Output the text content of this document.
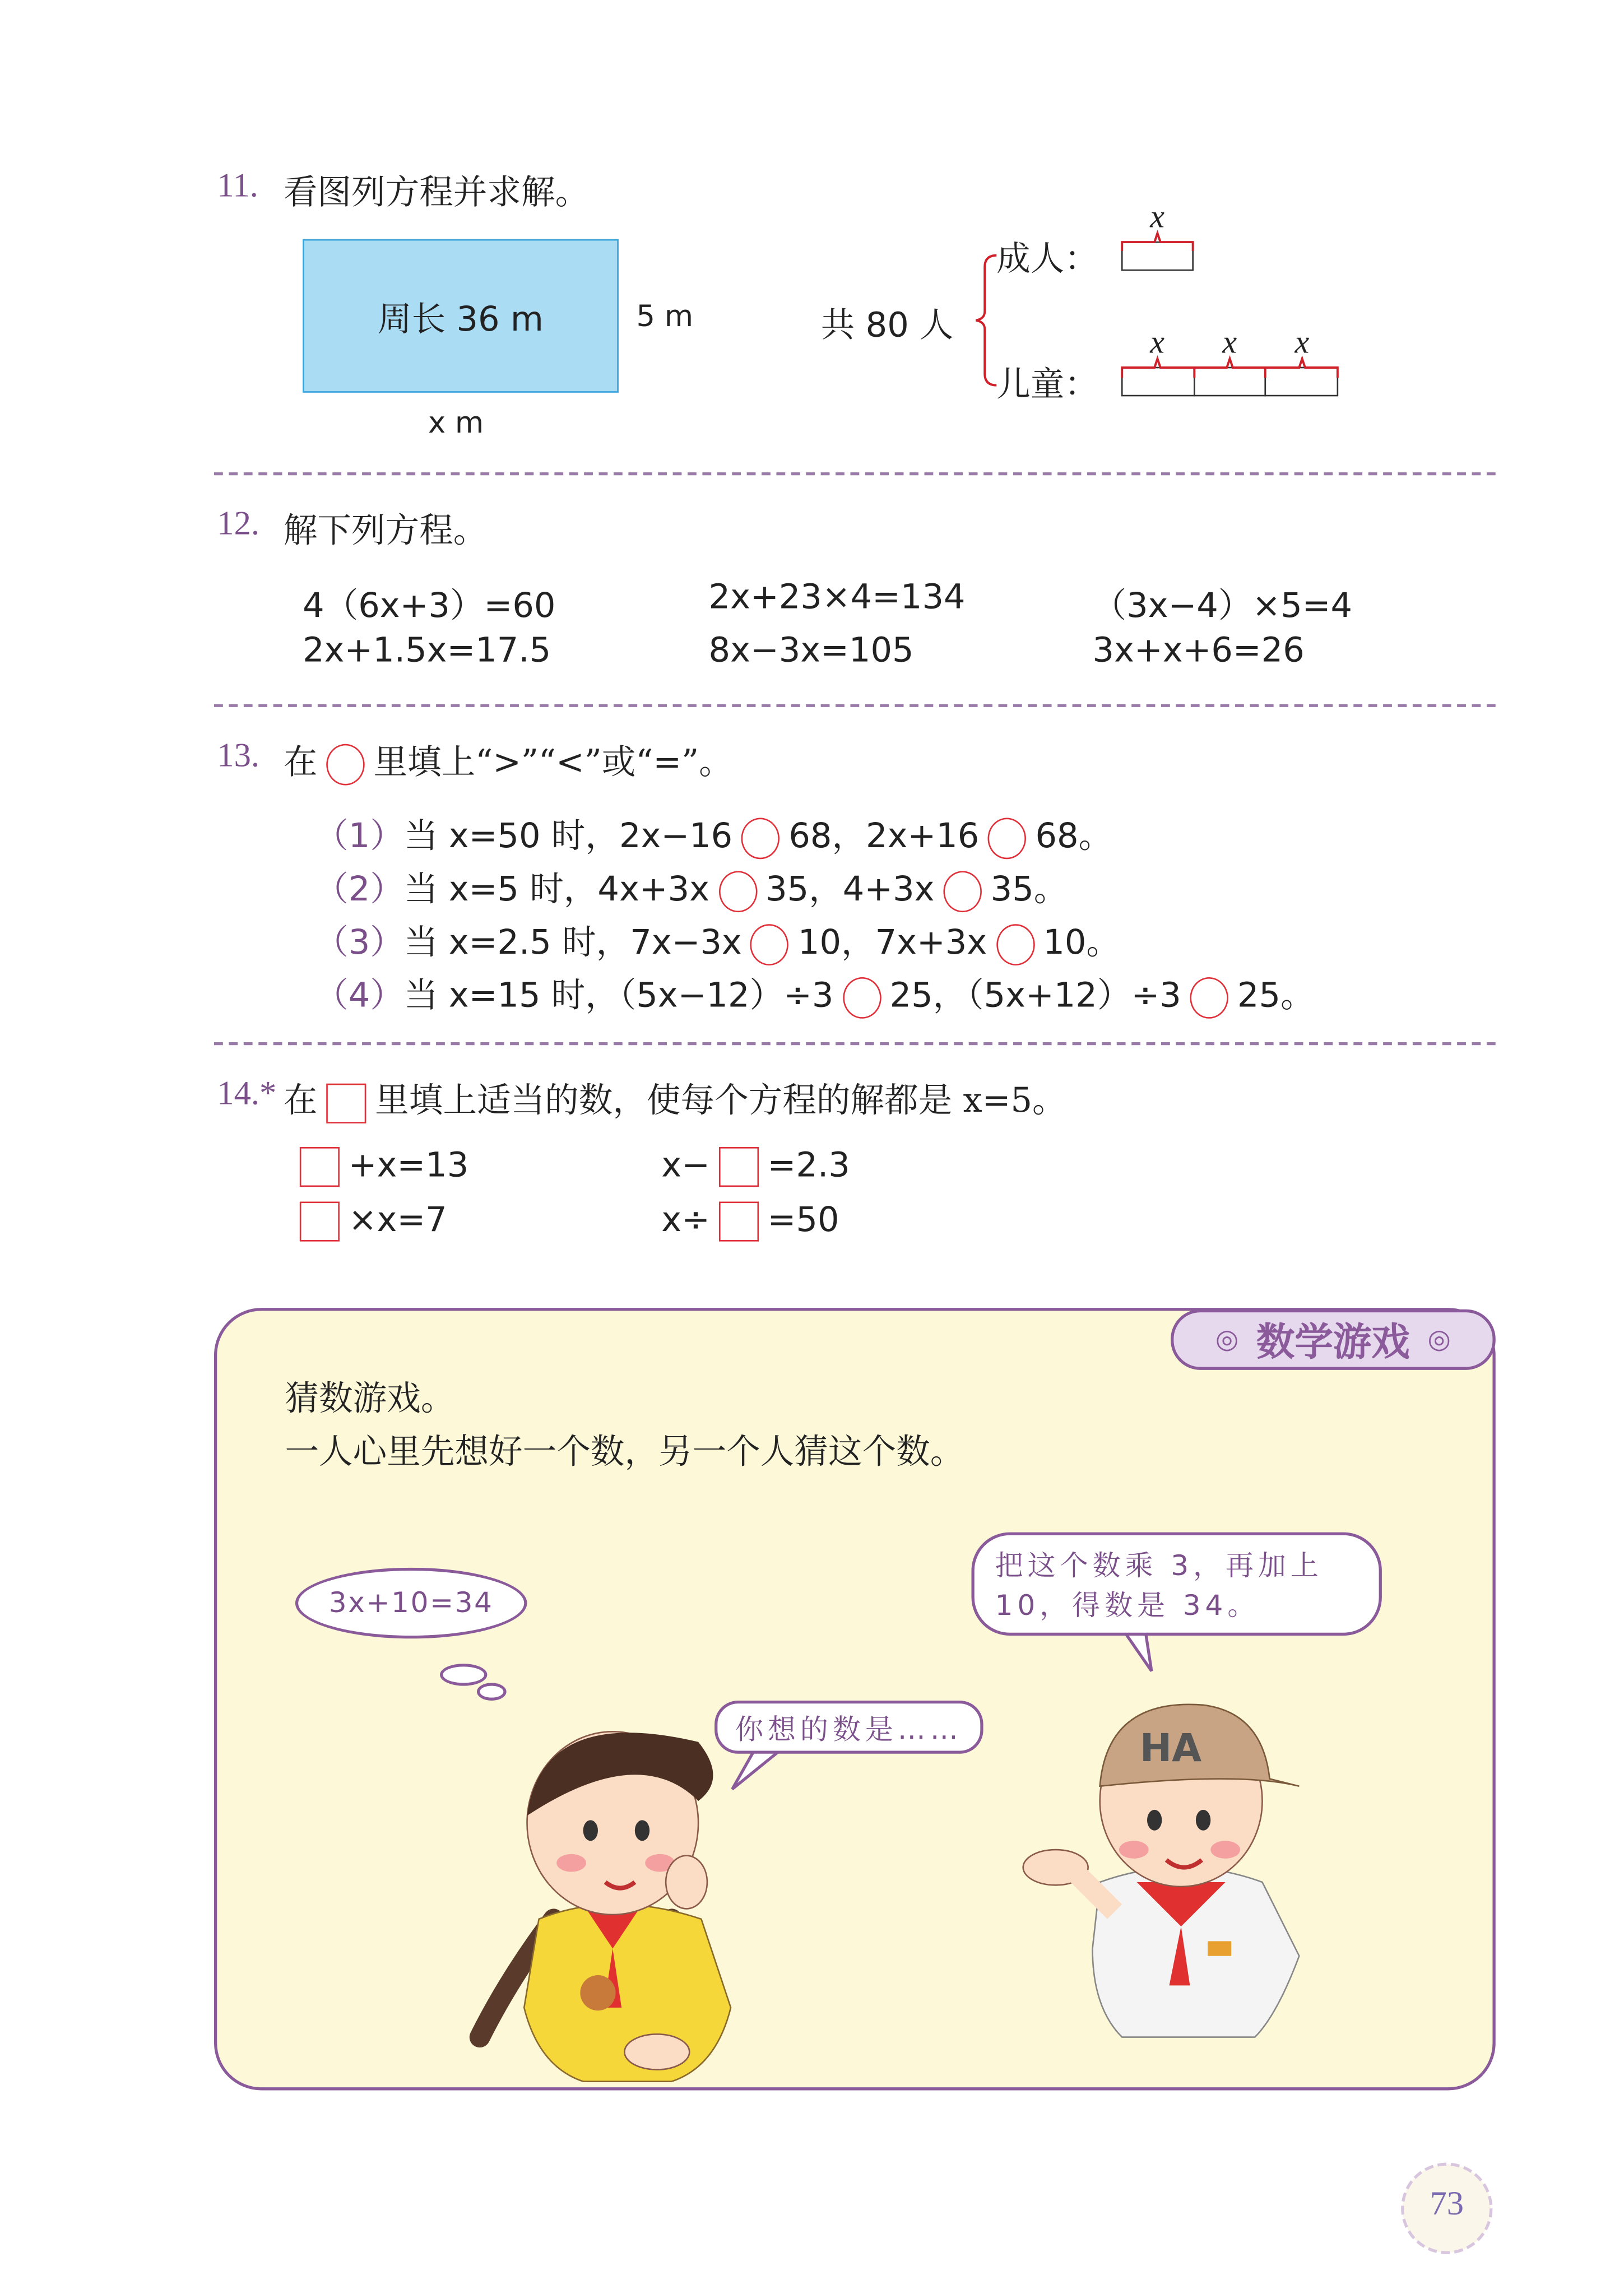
11. 看图列方程并求解。
周长 36 m	5 m
x m
共 80 人
成人：
儿童：
x
x	x	x
12. 解下列方程。
4（6x+3）=60	2x+23×4=134	（3x−4）×5=4
2x+1.5x=17.5	8x−3x=105	3x+x+6=26
13. 在	里填上“>”“<”或“=”。
（1）当 x=50 时，2x−16	68，2x+16	68。
（2）当 x=5 时，4x+3x	35，4+3x	35。
（3）当 x=2.5 时，7x−3x	10，7x+3x	10。
（4）当 x=15 时，（5x−12）÷3	25，（5x+12）÷3	25。
14.* 在	里填上适当的数，使每个方程的解都是 x=5。
+x=13	x−	=2.3
×x=7	x÷	=50
◎ 数学游戏 ◎
猜数游戏。
一人心里先想好一个数，另一个人猜这个数。
3x+10=34
把这个数乘 3，再加上
10，得数是 34。
你想的数是……	HA
73
